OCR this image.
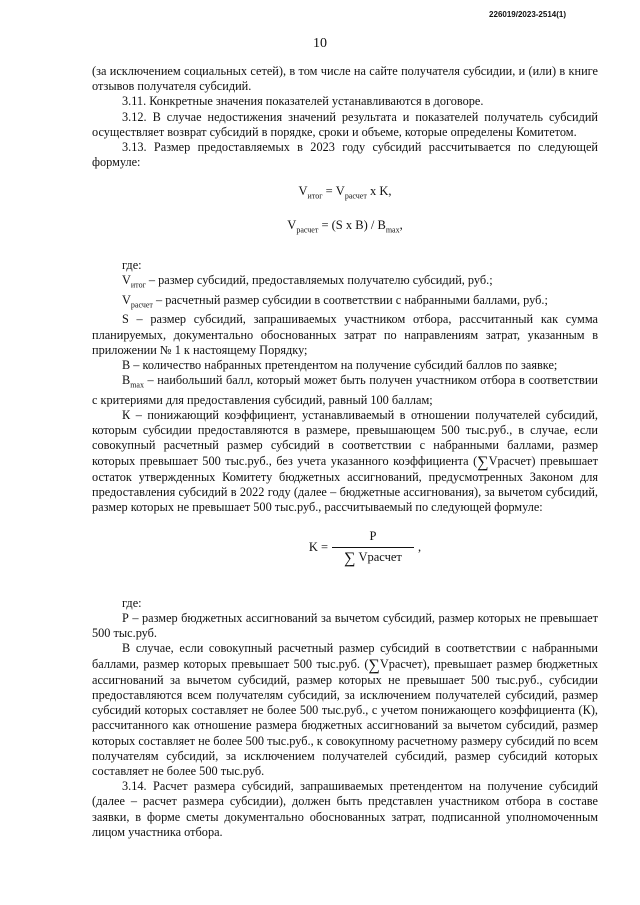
226019/2023-2514(1)
10

(за исключением социальных сетей), в том числе на сайте получателя субсидии, и (или) в книге отзывов получателя субсидий.

3.11. Конкретные значения показателей устанавливаются в договоре.

3.12. В случае недостижения значений результата и показателей получатель субсидий осуществляет возврат субсидий в порядке, сроки и объеме, которые определены Комитетом.

3.13. Размер предоставляемых в 2023 году субсидий рассчитывается по следующей формуле:

$V_{итог} = V_{расчет}$ х K,
$V_{расчет} = (S$ x $B) / B_{max}$,

где:

$V_{итог}$ – размер субсидий, предоставляемых получателю субсидий, руб.;

$V_{расчет}$ – расчетный размер субсидии в соответствии с набранными баллами, руб.;

S – размер субсидий, запрашиваемых участником отбора, рассчитанный как сумма планируемых, документально обоснованных затрат по направлениям затрат, указанным в приложении № 1 к настоящему Порядку;

В – количество набранных претендентом на получение субсидий баллов по заявке;

$B_{max}$ – наибольший балл, который может быть получен участником отбора в соответствии с критериями для предоставления субсидий, равный 100 баллам;

К – понижающий коэффициент, устанавливаемый в отношении получателей субсидий, которым субсидии предоставляются в размере, превышающем 500 тыс.руб., в случае, если совокупный расчетный размер субсидий в соответствии с набранными баллами, размер которых превышает 500 тыс.руб., без учета указанного коэффициента (∑Vрасчет) превышает остаток утвержденных Комитету бюджетных ассигнований, предусмотренных Законом для предоставления субсидий в 2022 году (далее – бюджетные ассигнования), за вычетом субсидий, размер которых не превышает 500 тыс.руб., рассчитываемый по следующей формуле:

$K = \frac{P}{\text{∑ Vрасчет}}$ ,

где:

Р – размер бюджетных ассигнований за вычетом субсидий, размер которых не превышает 500 тыс.руб.

В случае, если совокупный расчетный размер субсидий в соответствии с набранными баллами, размер которых превышает 500 тыс.руб. (∑Vрасчет), превышает размер бюджетных ассигнований за вычетом субсидий, размер которых не превышает 500 тыс.руб., субсидии предоставляются всем получателям субсидий, за исключением получателей субсидий, размер субсидий которых составляет не более 500 тыс.руб., с учетом понижающего коэффициента (К), рассчитанного как отношение размера бюджетных ассигнований за вычетом субсидий, размер которых составляет не более 500 тыс.руб., к совокупному расчетному размеру субсидий по всем получателям субсидий, за исключением получателей субсидий, размер субсидий которых составляет не более 500 тыс.руб.

3.14. Расчет размера субсидий, запрашиваемых претендентом на получение субсидий (далее – расчет размера субсидии), должен быть представлен участником отбора в составе заявки, в форме сметы документально обоснованных затрат, подписанной уполномоченным лицом участника отбора.
